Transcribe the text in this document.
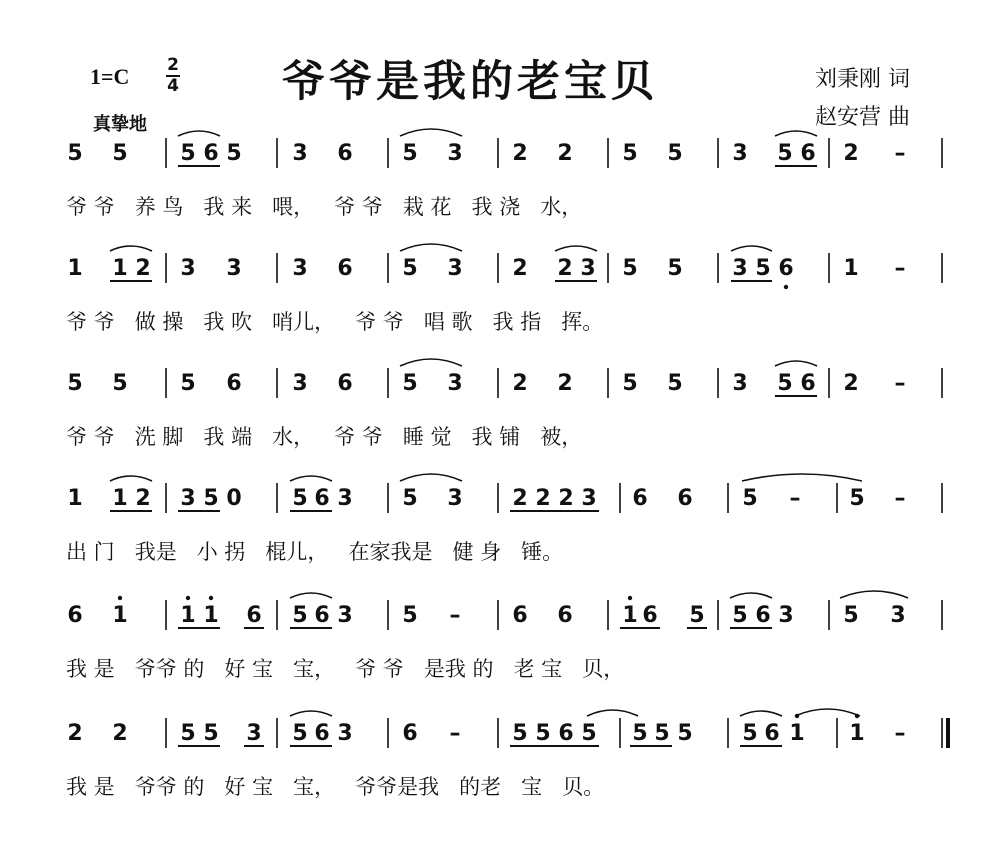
$1=C \frac{2}{4}$
真挚地
爷爷是我的老宝贝	刘秉刚 词
赵安营 曲
5 5 5 6 5 3 6 5 3 2 2 5 5 3 5 6 2 –
爷 爷   养 鸟   我 来   喂，   爷 爷   栽 花   我 浇   水，
1 1 2 3 3 3 6 5 3 2 2 3 5 5 3 5 6 1 –
爷 爷   做 操   我 吹   哨儿，   爷 爷   唱 歌   我 指   挥。
5 5 5 6 3 6 5 3 2 2 5 5 3 5 6 2 –
爷 爷   洗 脚   我 端   水，   爷 爷   睡 觉   我 铺   被，
1 1 2 3 5 0 5 6 3 5 3 2 2 2 3 6 6 5 – 5 –
出 门   我是   小 拐   棍儿，   在家我是   健 身   锤。
6 1 1 1 6 5 6 3 5 – 6 6 1 6 5 5 6 3 5 3
我 是   爷爷 的   好 宝   宝，   爷 爷   是我 的   老 宝   贝，
2 2 5 5 3 5 6 3 6 – 5 5 6 5 5 5 5 5 6 1 1 –
我 是   爷爷 的   好 宝   宝，   爷爷是我   的老   宝   贝。
